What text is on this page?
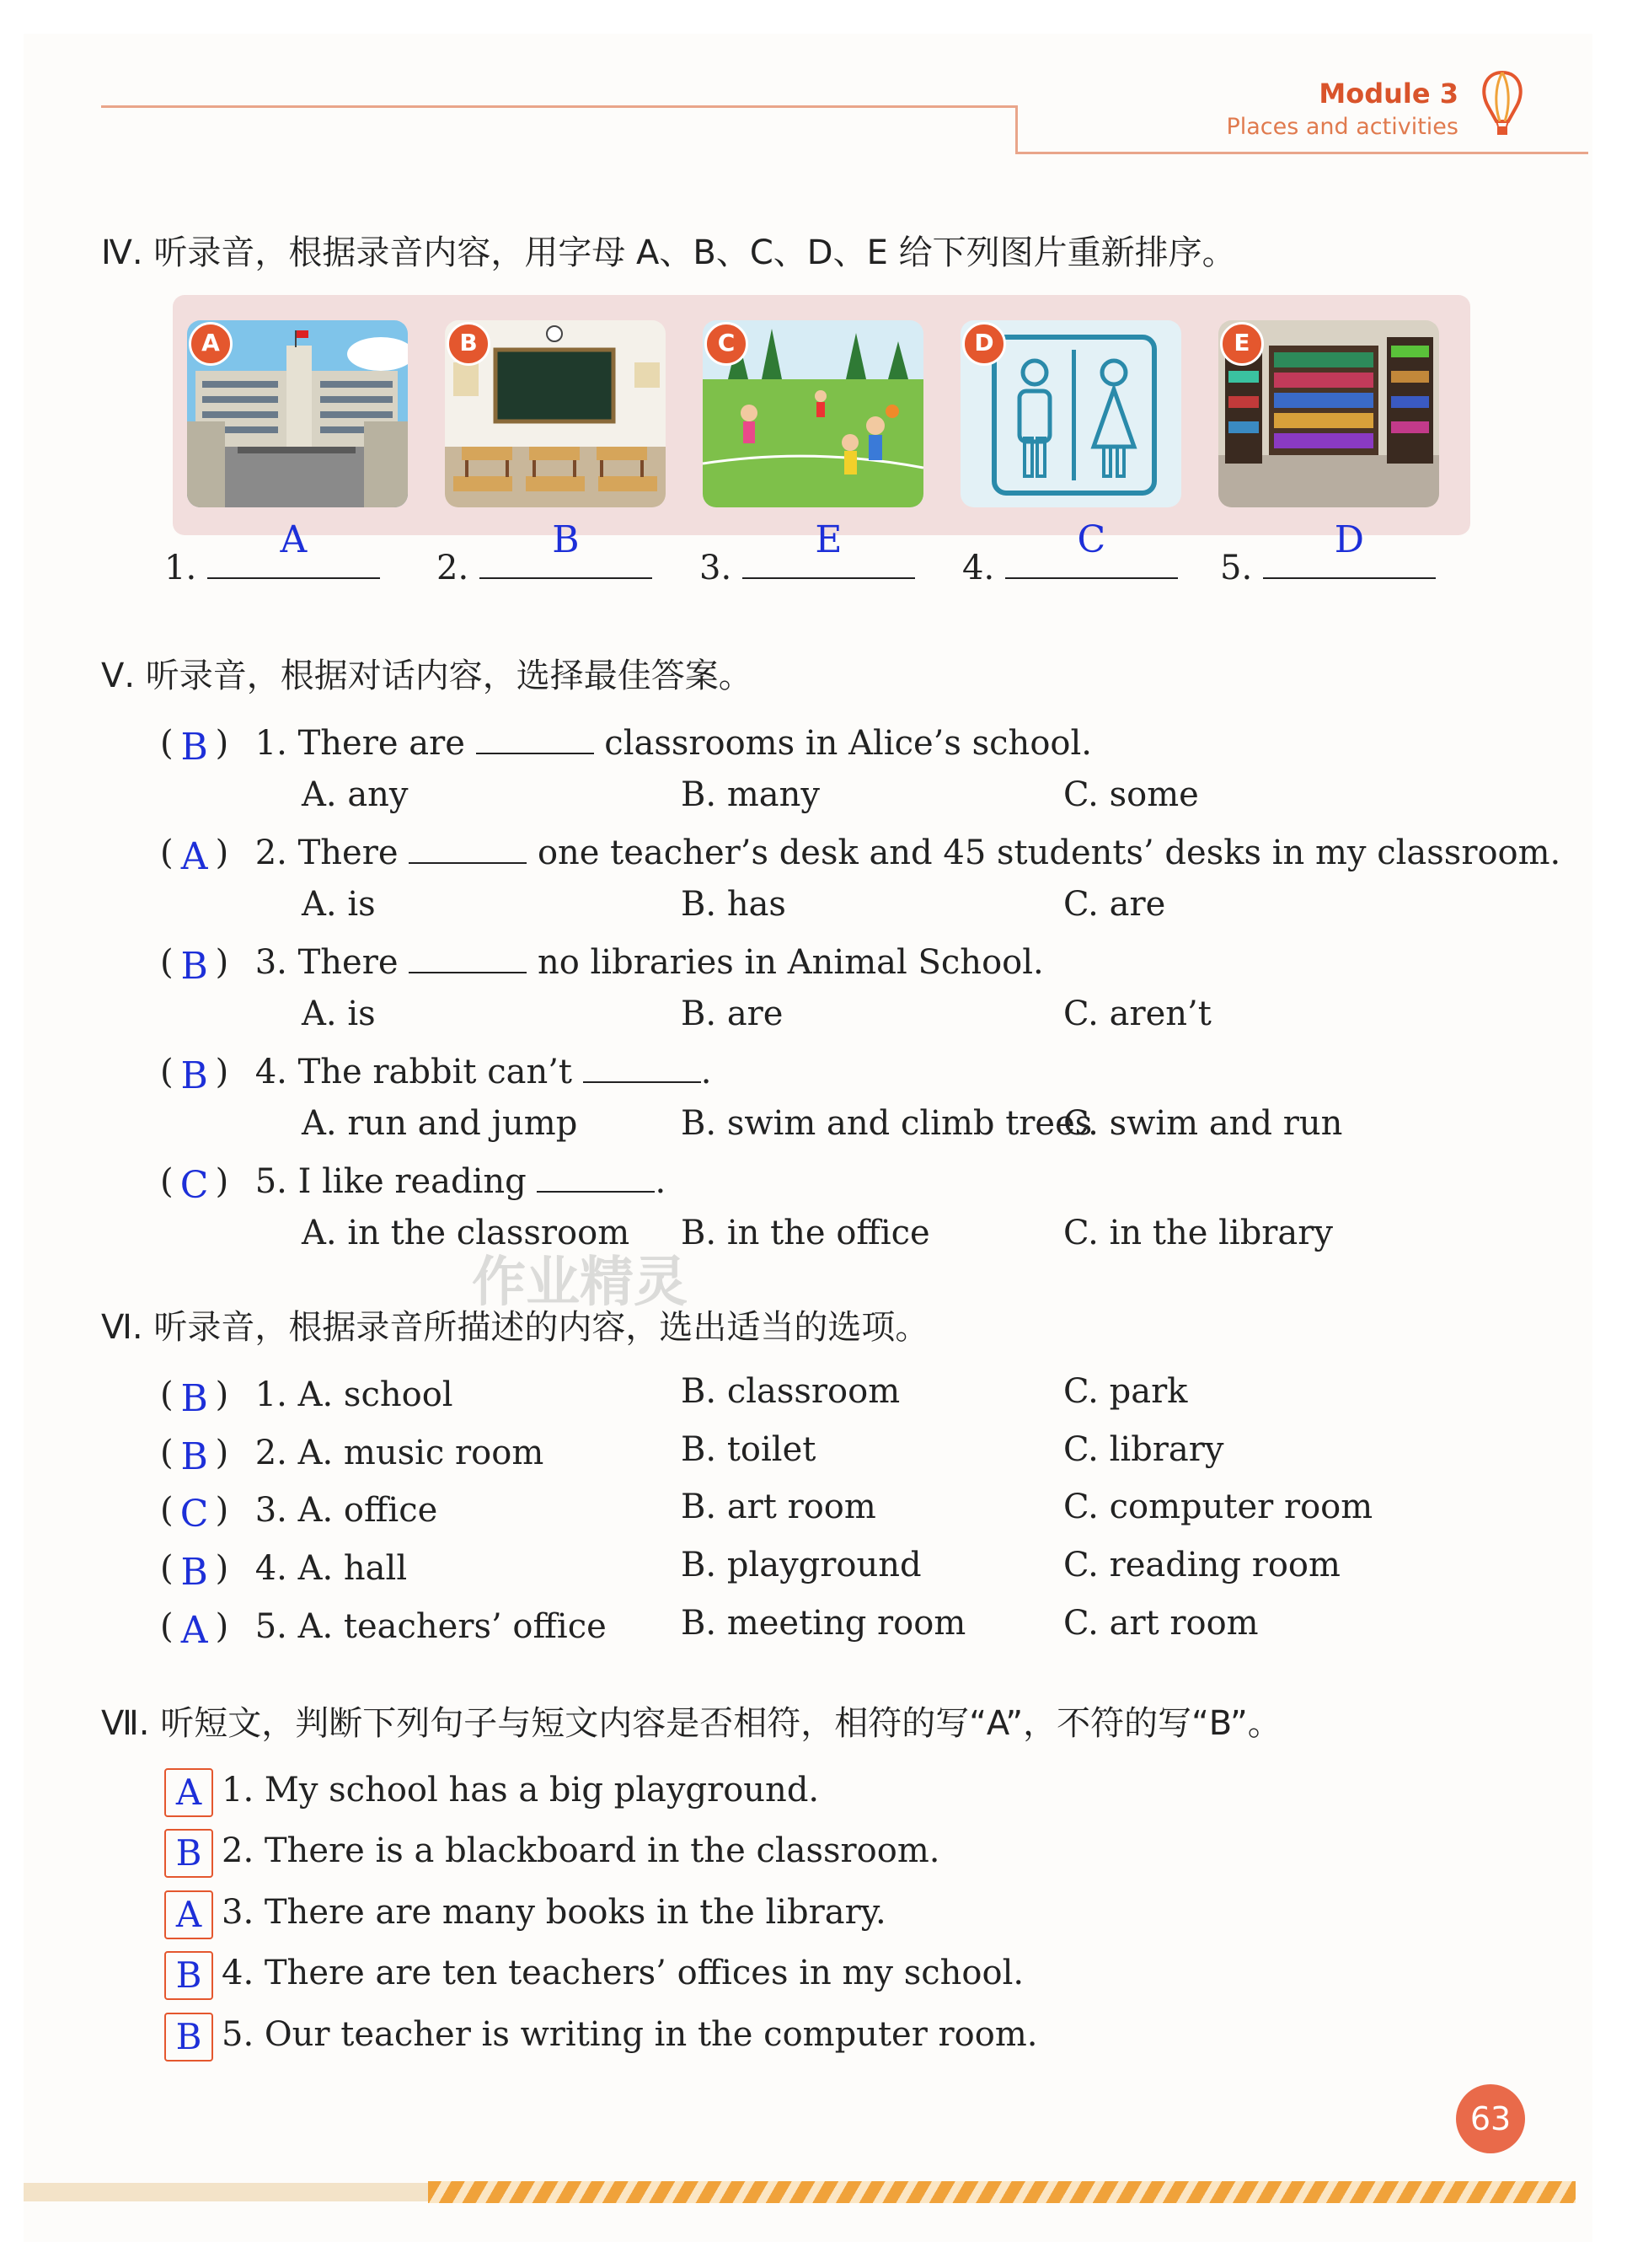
Module 3
Places and activities
Ⅳ. 听录音，根据录音内容，用字母 A、B、C、D、E 给下列图片重新排序。
A	B	C	D	E
1.
A
2.
B
3.
E
4.
C
5.
D
Ⅴ. 听录音，根据对话内容，选择最佳答案。
( B ) 1. There are	classrooms in Alice’s school.
A. any	B. many	C. some
( A ) 2. There	one teacher’s desk and 45 students’ desks in my classroom.
A. is	B. has	C. are
( B ) 3. There	no libraries in Animal School.
A. is	B. are	C. aren’t
( B ) 4. The rabbit can’t	.
A. run and jump	B. swim and climb trees
C. swim and run
( C ) 5. I like reading	.
A. in the classroom B. in the office	C. in the library
作业精灵
Ⅵ. 听录音，根据录音所描述的内容，选出适当的选项。
( B ) 1. A. school	B. classroom	C. park
( B ) 2. A. music room	B. toilet	C. library
( C ) 3. A. office	B. art room	C. computer room
( B ) 4. A. hall	B. playground	C. reading room
( A ) 5. A. teachers’ office B. meeting room	C. art room
Ⅶ. 听短文，判断下列句子与短文内容是否相符，相符的写“A”，不符的写“B”。
A 1. My school has a big playground.
B 2. There is a blackboard in the classroom.
A 3. There are many books in the library.
B 4. There are ten teachers’ offices in my school.
B 5. Our teacher is writing in the computer room.
63
